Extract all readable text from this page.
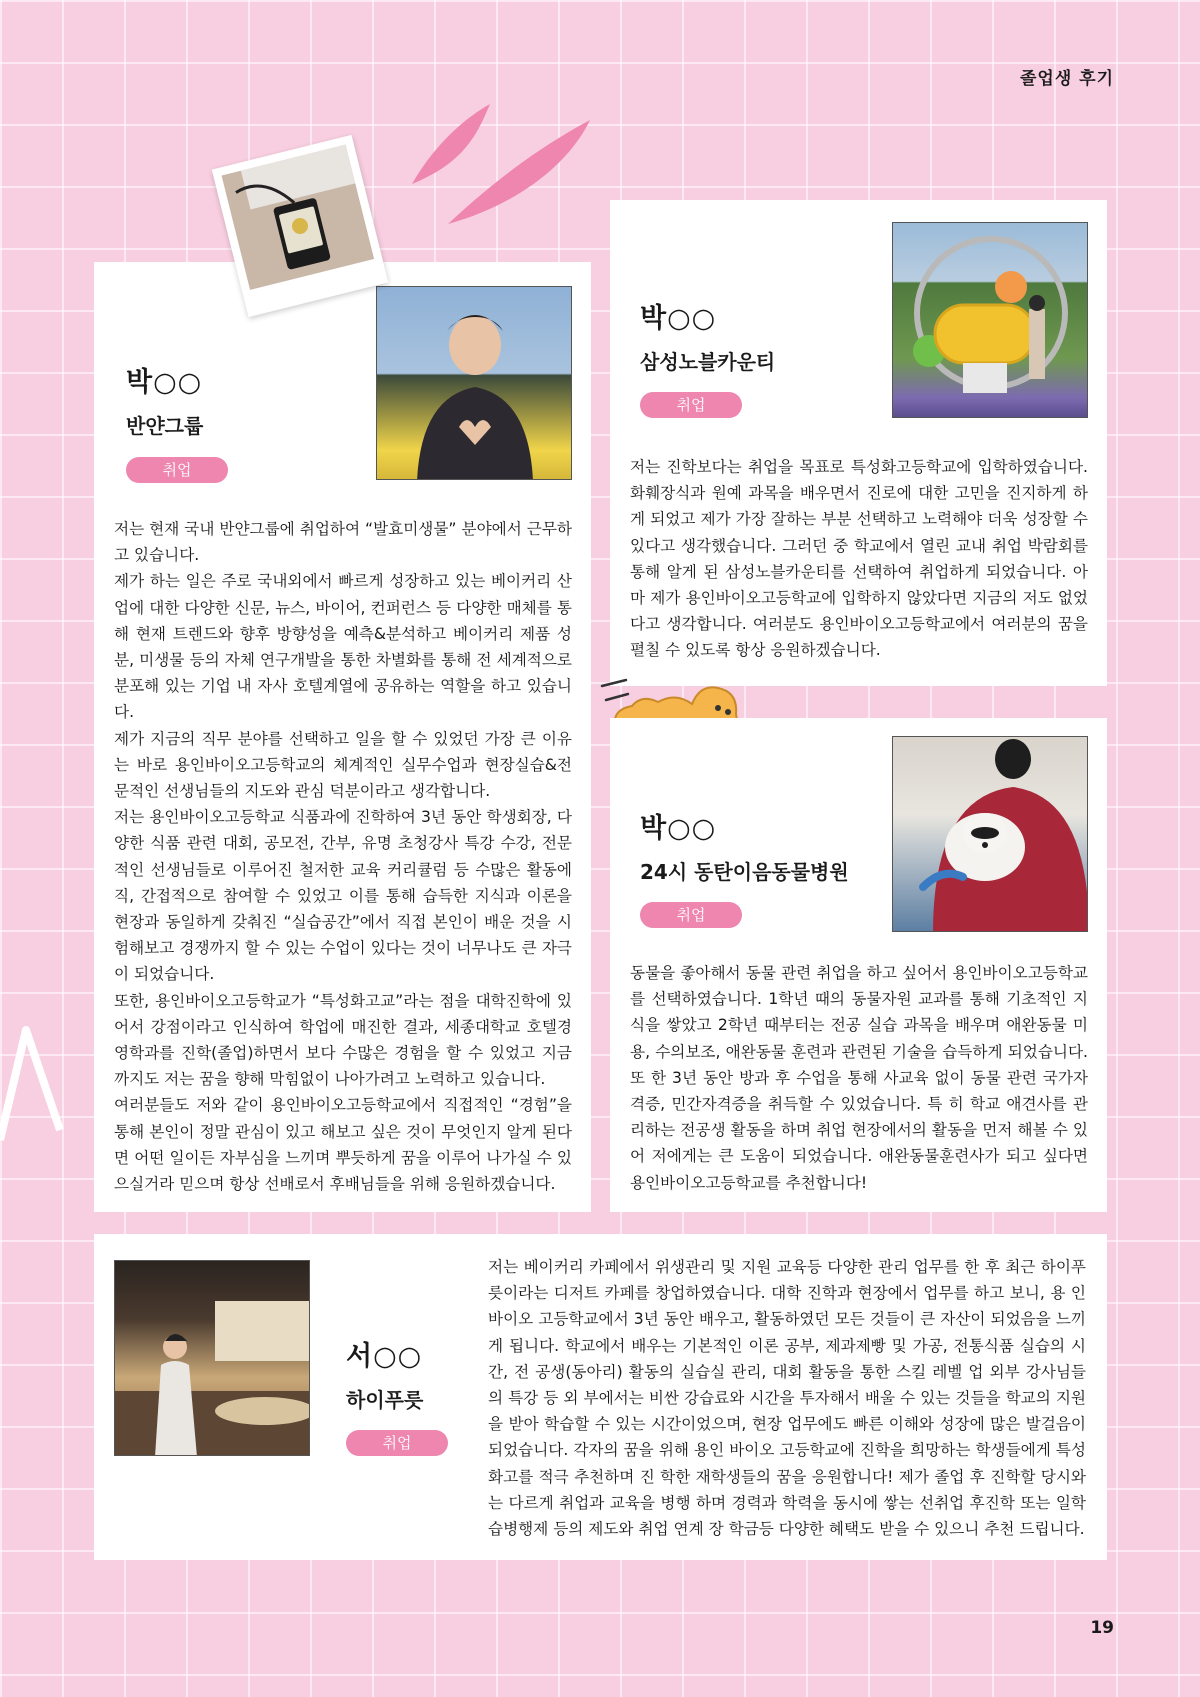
졸업생 후기
박○○
반얀그룹
취업

저는 현재 국내 반얀그룹에 취업하여 “발효미생물” 분야에서 근무하고 있습니다.
제가 하는 일은 주로 국내외에서 빠르게 성장하고 있는 베이커리 산업에 대한 다양한 신문, 뉴스, 바이어, 컨퍼런스 등 다양한 매체를 통해 현재 트렌드와 향후 방향성을 예측&분석하고 베이커리 제품 성분, 미생물 등의 자체 연구개발을 통한 차별화를 통해 전 세계적으로 분포해 있는 기업 내 자사 호텔계열에 공유하는 역할을 하고 있습니다.
제가 지금의 직무 분야를 선택하고 일을 할 수 있었던 가장 큰 이유는 바로 용인바이오고등학교의 체계적인 실무수업과 현장실습&전문적인 선생님들의 지도와 관심 덕분이라고 생각합니다.
저는 용인바이오고등학교 식품과에 진학하여 3년 동안 학생회장, 다양한 식품 관련 대회, 공모전, 간부, 유명 초청강사 특강 수강, 전문적인 선생님들로 이루어진 철저한 교육 커리큘럼 등 수많은 활동에 직, 간접적으로 참여할 수 있었고 이를 통해 습득한 지식과 이론을 현장과 동일하게 갖춰진 “실습공간”에서 직접 본인이 배운 것을 시험해보고 경쟁까지 할 수 있는 수업이 있다는 것이 너무나도 큰 자극이 되었습니다.
또한, 용인바이오고등학교가 “특성화고교”라는 점을 대학진학에 있어서 강점이라고 인식하여 학업에 매진한 결과, 세종대학교 호텔경영학과를 진학(졸업)하면서 보다 수많은 경험을 할 수 있었고 지금까지도 저는 꿈을 향해 막힘없이 나아가려고 노력하고 있습니다.
여러분들도 저와 같이 용인바이오고등학교에서 직접적인 “경험”을 통해 본인이 정말 관심이 있고 해보고 싶은 것이 무엇인지 알게 된다면 어떤 일이든 자부심을 느끼며 뿌듯하게 꿈을 이루어 나가실 수 있으실거라 믿으며 항상 선배로서 후배님들을 위해 응원하겠습니다.

박○○
삼성노블카운티
취업

저는 진학보다는 취업을 목표로 특성화고등학교에 입학하였습니다. 화훼장식과 원예 과목을 배우면서 진로에 대한 고민을 진지하게 하게 되었고 제가 가장 잘하는 부분 선택하고 노력해야 더욱 성장할 수 있다고 생각했습니다. 그러던 중 학교에서 열린 교내 취업 박람회를 통해 알게 된 삼성노블카운티를 선택하여 취업하게 되었습니다. 아마 제가 용인바이오고등학교에 입학하지 않았다면 지금의 저도 없었다고 생각합니다. 여러분도 용인바이오고등학교에서 여러분의 꿈을 펼칠 수 있도록 항상 응원하겠습니다.

박○○
24시 동탄이음동물병원
취업

동물을 좋아해서 동물 관련 취업을 하고 싶어서 용인바이오고등학교를 선택하였습니다. 1학년 때의 동물자원 교과를 통해 기초적인 지식을 쌓았고 2학년 때부터는 전공 실습 과목을 배우며 애완동물 미용, 수의보조, 애완동물 훈련과 관련된 기술을 습득하게 되었습니다. 또 한 3년 동안 방과 후 수업을 통해 사교육 없이 동물 관련 국가자격증, 민간자격증을 취득할 수 있었습니다. 특 히 학교 애견사를 관리하는 전공생 활동을 하며 취업 현장에서의 활동을 먼저 해볼 수 있어 저에게는 큰 도움이 되었습니다. 애완동물훈련사가 되고 싶다면 용인바이오고등학교를 추천합니다!

서○○
하이푸릇
취업

저는 베이커리 카페에서 위생관리 및 지원 교육등 다양한 관리 업무를 한 후 최근 하이푸릇이라는 디저트 카페를 창업하였습니다. 대학 진학과 현장에서 업무를 하고 보니, 용 인 바이오 고등학교에서 3년 동안 배우고, 활동하였던 모든 것들이 큰 자산이 되었음을 느끼게 됩니다. 학교에서 배우는 기본적인 이론 공부, 제과제빵 및 가공, 전통식품 실습의 시간, 전 공생(동아리) 활동의 실습실 관리, 대회 활동을 통한 스킬 레벨 업 외부 강사님들의 특강 등 외 부에서는 비싼 강습료와 시간을 투자해서 배울 수 있는 것들을 학교의 지원을 받아 학습할 수 있는 시간이었으며, 현장 업무에도 빠른 이해와 성장에 많은 발걸음이 되었습니다. 각자의 꿈을 위해 용인 바이오 고등학교에 진학을 희망하는 학생들에게 특성화고를 적극 추천하며 진 학한 재학생들의 꿈을 응원합니다! 제가 졸업 후 진학할 당시와는 다르게 취업과 교육을 병행 하며 경력과 학력을 동시에 쌓는 선취업 후진학 또는 일학습병행제 등의 제도와 취업 연계 장 학금등 다양한 혜택도 받을 수 있으니 추천 드립니다.

19
